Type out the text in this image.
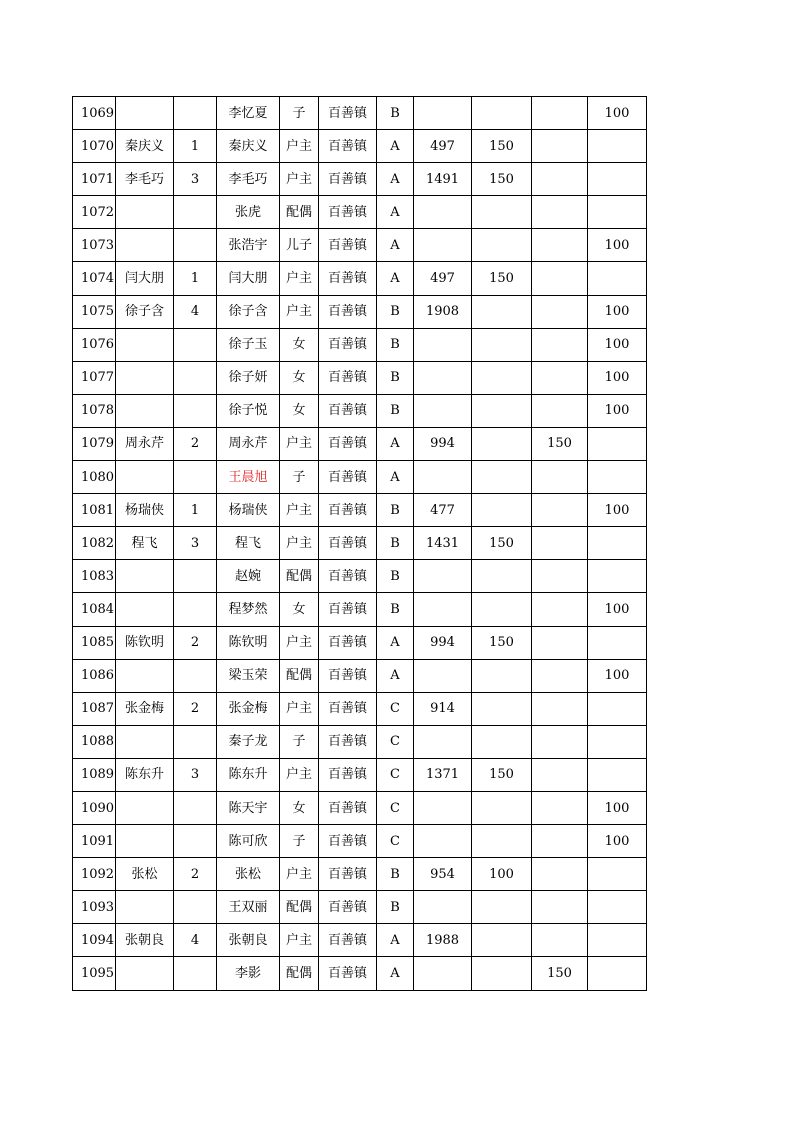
1069			李忆夏	子	百善镇	B				100
1070	秦庆义	1	秦庆义	户主	百善镇	A	497	150		
1071	李毛巧	3	李毛巧	户主	百善镇	A	1491	150		
1072			张虎	配偶	百善镇	A				
1073			张浩宇	儿子	百善镇	A				100
1074	闫大朋	1	闫大朋	户主	百善镇	A	497	150		
1075	徐子含	4	徐子含	户主	百善镇	B	1908			100
1076			徐子玉	女	百善镇	B				100
1077			徐子妍	女	百善镇	B				100
1078			徐子悦	女	百善镇	B				100
1079	周永芹	2	周永芹	户主	百善镇	A	994		150	
1080			王晨旭	子	百善镇	A				
1081	杨瑞侠	1	杨瑞侠	户主	百善镇	B	477			100
1082	程飞	3	程飞	户主	百善镇	B	1431	150		
1083			赵婉	配偶	百善镇	B				
1084			程梦然	女	百善镇	B				100
1085	陈钦明	2	陈钦明	户主	百善镇	A	994	150		
1086			梁玉荣	配偶	百善镇	A				100
1087	张金梅	2	张金梅	户主	百善镇	C	914			
1088			秦子龙	子	百善镇	C				
1089	陈东升	3	陈东升	户主	百善镇	C	1371	150		
1090			陈天宇	女	百善镇	C				100
1091			陈可欣	子	百善镇	C				100
1092	张松	2	张松	户主	百善镇	B	954	100		
1093			王双丽	配偶	百善镇	B				
1094	张朝良	4	张朝良	户主	百善镇	A	1988			
1095			李影	配偶	百善镇	A			150	
